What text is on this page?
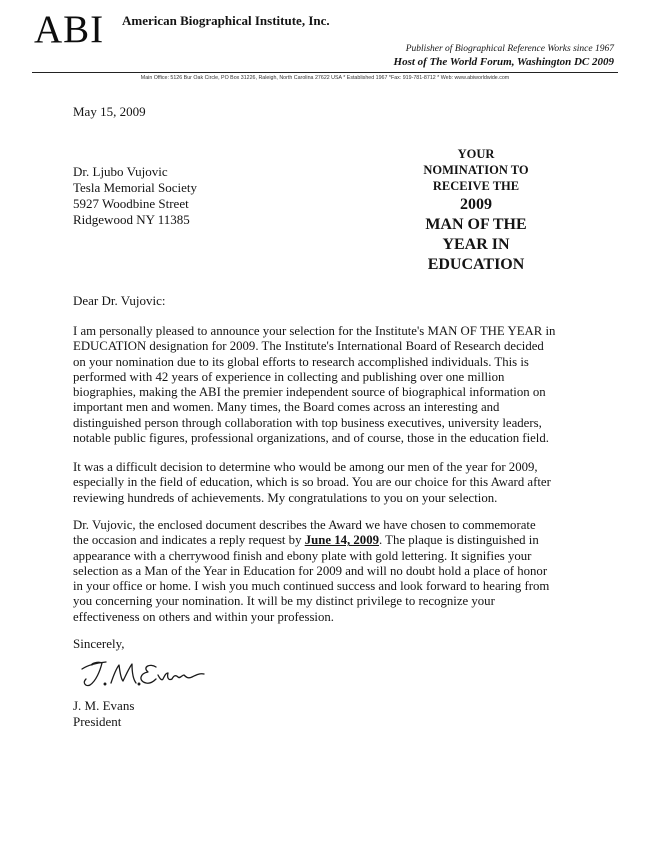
ABI American Biographical Institute, Inc.
Publisher of Biographical Reference Works since 1967
Host of The World Forum, Washington DC 2009
Main Office: 5126 Bur Oak Circle, PO Box 31226, Raleigh, North Carolina 27622 USA * Established 1967 *Fax: 919-781-8712 * Web: www.abiworldwide.com
May 15, 2009
Dr. Ljubo Vujovic
Tesla Memorial Society
5927 Woodbine Street
Ridgewood NY 11385
YOUR
NOMINATION TO
RECEIVE THE
2009
MAN OF THE
YEAR IN
EDUCATION
Dear Dr. Vujovic:
I am personally pleased to announce your selection for the Institute's MAN OF THE YEAR in
EDUCATION designation for 2009. The Institute's International Board of Research decided
on your nomination due to its global efforts to research accomplished individuals. This is
performed with 42 years of experience in collecting and publishing over one million
biographies, making the ABI the premier independent source of biographical information on
important men and women. Many times, the Board comes across an interesting and
distinguished person through collaboration with top business executives, university leaders,
notable public figures, professional organizations, and of course, those in the education field.
It was a difficult decision to determine who would be among our men of the year for 2009,
especially in the field of education, which is so broad. You are our choice for this Award after
reviewing hundreds of achievements. My congratulations to you on your selection.
Dr. Vujovic, the enclosed document describes the Award we have chosen to commemorate
the occasion and indicates a reply request by June 14, 2009. The plaque is distinguished in
appearance with a cherrywood finish and ebony plate with gold lettering. It signifies your
selection as a Man of the Year in Education for 2009 and will no doubt hold a place of honor
in your office or home. I wish you much continued success and look forward to hearing from
you concerning your nomination. It will be my distinct privilege to recognize your
effectiveness on others and within your profession.
Sincerely,
J. M. Evans
President
